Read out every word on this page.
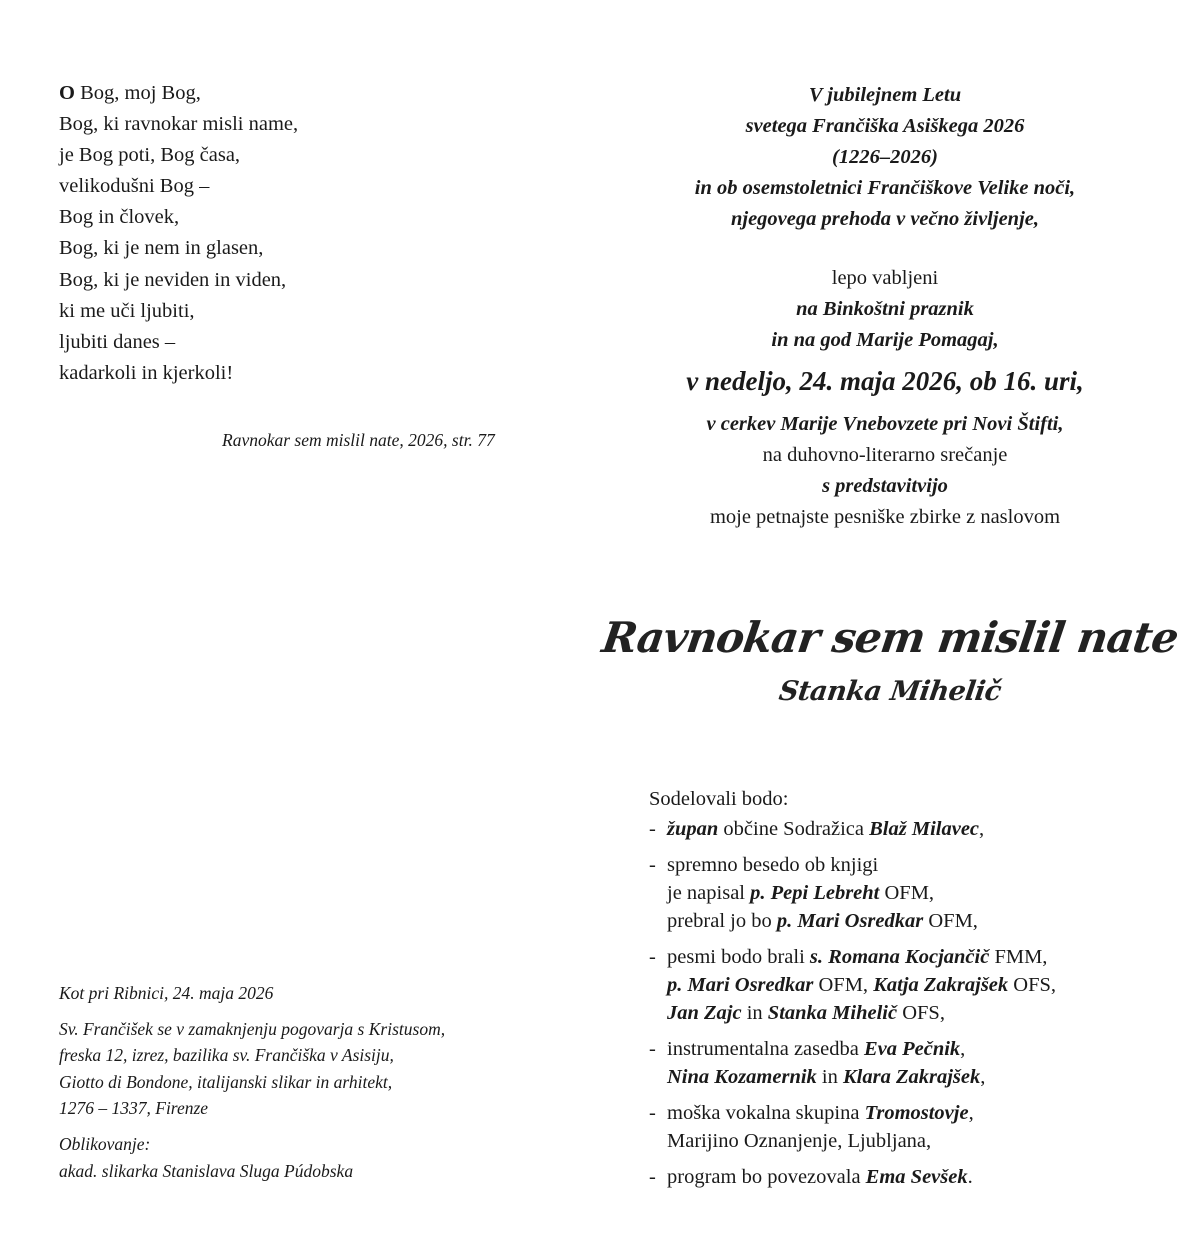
O Bog, moj Bog,
Bog, ki ravnokar misli name,
je Bog poti, Bog časa,
velikodušni Bog –
Bog in človek,
Bog, ki je nem in glasen,
Bog, ki je neviden in viden,
ki me uči ljubiti,
ljubiti danes –
kadarkoli in kjerkoli!
Ravnokar sem mislil nate, 2026, str. 77
Kot pri Ribnici, 24. maja 2026
Sv. Frančišek se v zamaknjenju pogovarja s Kristusom,
freska 12, izrez, bazilika sv. Frančiška v Asisiju,
Giotto di Bondone, italijanski slikar in arhitekt,
1276 – 1337, Firenze
Oblikovanje:
akad. slikarka Stanislava Sluga Púdobska
V jubilejnem Letu
svetega Frančiška Asiškega 2026
(1226–2026)
in ob osemstoletnici Frančiškove Velike noči,
njegovega prehoda v večno življenje,
lepo vabljeni
na Binkoštni praznik
in na god Marije Pomagaj,
v nedeljo, 24. maja 2026, ob 16. uri,
v cerkev Marije Vnebovzete pri Novi Štifti,
na duhovno-literarno srečanje
s predstavitvijo
moje petnajste pesniške zbirke z naslovom
Ravnokar sem mislil nate
Stanka Mihelič
Sodelovali bodo:
- župan občine Sodražica Blaž Milavec,
- spremno besedo ob knjigi
je napisal p. Pepi Lebreht OFM,
prebral jo bo p. Mari Osredkar OFM,
- pesmi bodo brali s. Romana Kocjančič FMM,
p. Mari Osredkar OFM, Katja Zakrajšek OFS,
Jan Zajc in Stanka Mihelič OFS,
- instrumentalna zasedba Eva Pečnik,
Nina Kozamernik in Klara Zakrajšek,
- moška vokalna skupina Tromostovje,
Marijino Oznanjenje, Ljubljana,
- program bo povezovala Ema Sevšek.
